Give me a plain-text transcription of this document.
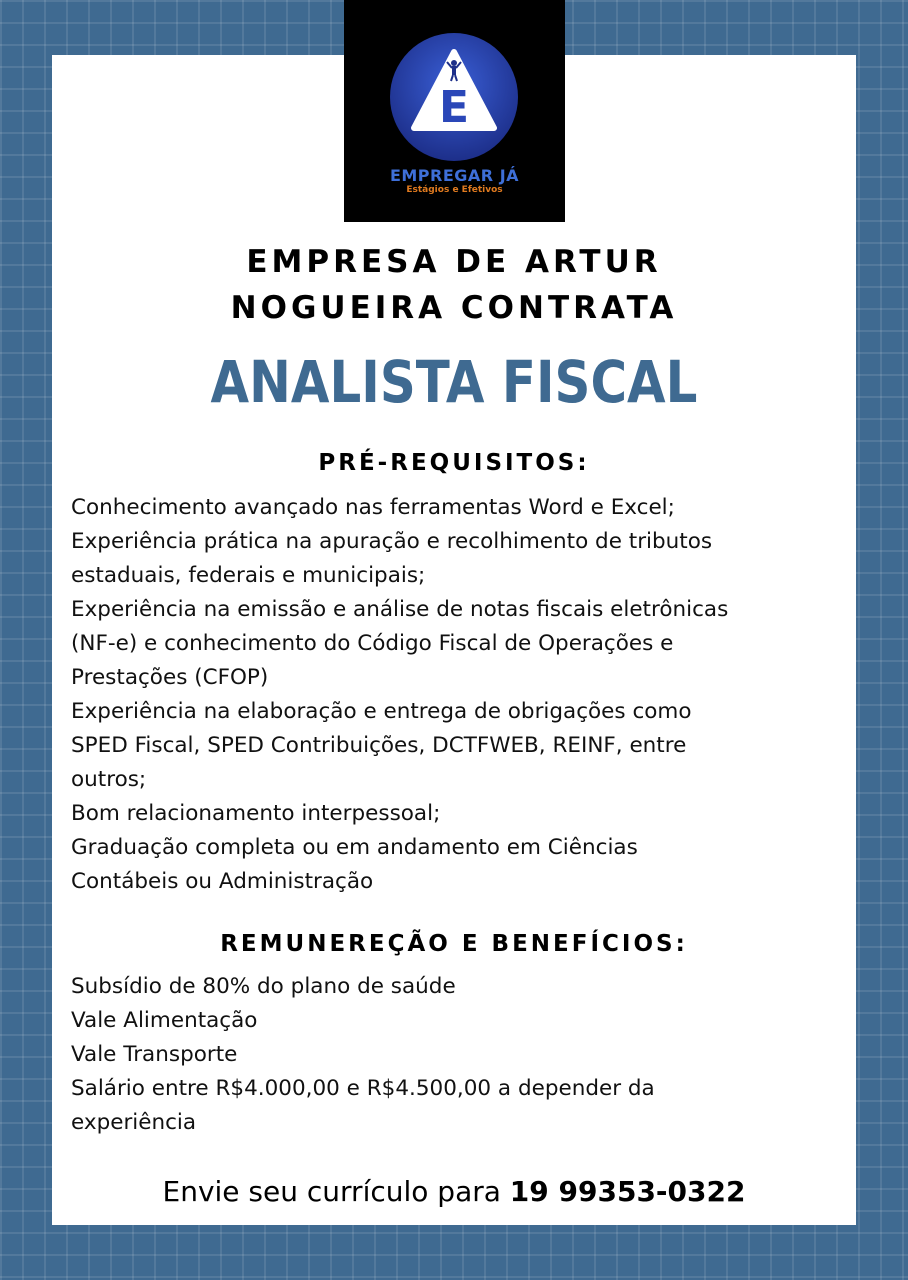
E
EMPREGAR JÁ
Estágios e Efetivos
EMPRESA DE ARTUR
NOGUEIRA CONTRATA
ANALISTA FISCAL
PRÉ-REQUISITOS:
Conhecimento avançado nas ferramentas Word e Excel;
Experiência prática na apuração e recolhimento de tributos
estaduais, federais e municipais;
Experiência na emissão e análise de notas fiscais eletrônicas
(NF-e) e conhecimento do Código Fiscal de Operações e
Prestações (CFOP)
Experiência na elaboração e entrega de obrigações como
SPED Fiscal, SPED Contribuições, DCTFWEB, REINF, entre
outros;
Bom relacionamento interpessoal;
Graduação completa ou em andamento em Ciências
Contábeis ou Administração
REMUNEREÇÃO E BENEFÍCIOS:
Subsídio de 80% do plano de saúde
Vale Alimentação
Vale Transporte
Salário entre R$4.000,00 e R$4.500,00 a depender da
experiência
Envie seu currículo para 19 99353-0322
